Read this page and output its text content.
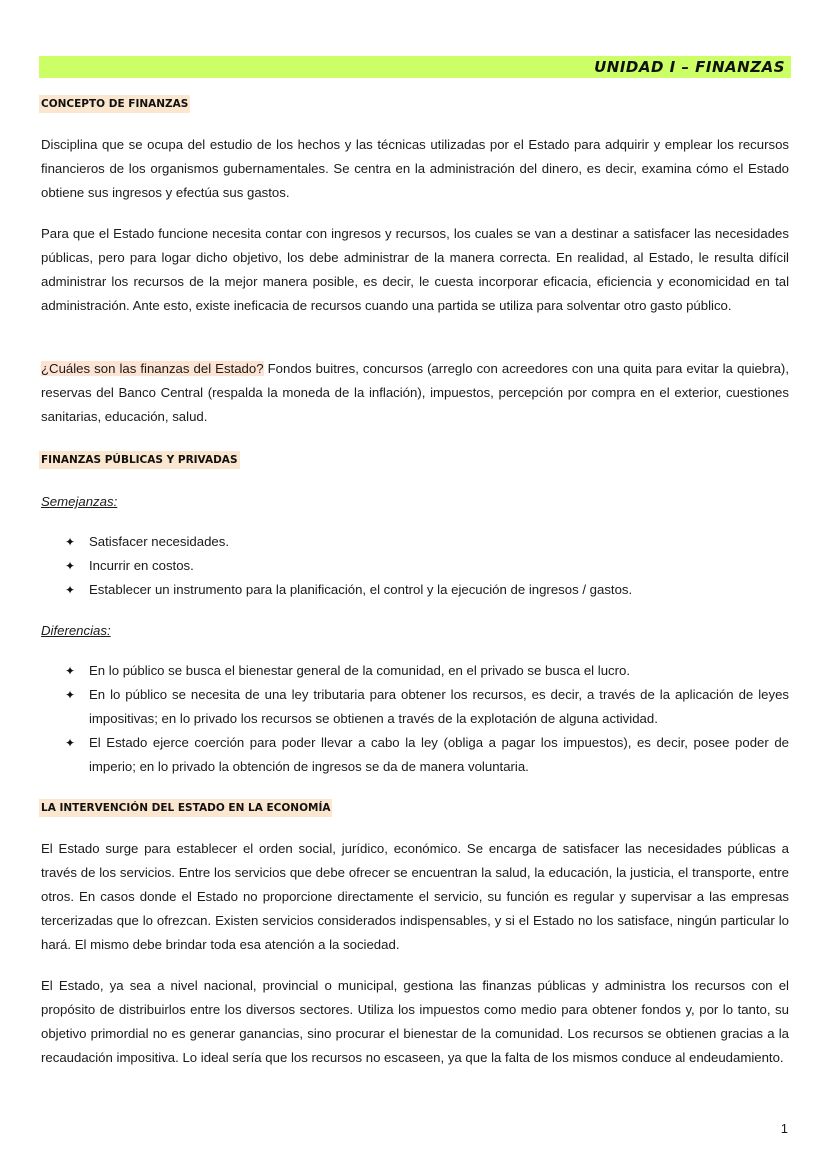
UNIDAD I – FINANZAS
CONCEPTO DE FINANZAS

Disciplina que se ocupa del estudio de los hechos y las técnicas utilizadas por el Estado para adquirir y emplear los recursos financieros de los organismos gubernamentales. Se centra en la administración del dinero, es decir, examina cómo el Estado obtiene sus ingresos y efectúa sus gastos.

Para que el Estado funcione necesita contar con ingresos y recursos, los cuales se van a destinar a satisfacer las necesidades públicas, pero para logar dicho objetivo, los debe administrar de la manera correcta. En realidad, al Estado, le resulta difícil administrar los recursos de la mejor manera posible, es decir, le cuesta incorporar eficacia, eficiencia y economicidad en tal administración. Ante esto, existe ineficacia de recursos cuando una partida se utiliza para solventar otro gasto público.

¿Cuáles son las finanzas del Estado? Fondos buitres, concursos (arreglo con acreedores con una quita para evitar la quiebra), reservas del Banco Central (respalda la moneda de la inflación), impuestos, percepción por compra en el exterior, cuestiones sanitarias, educación, salud.

FINANZAS PÚBLICAS Y PRIVADAS

Semejanzas:

✦ Satisfacer necesidades.
✦ Incurrir en costos.
✦ Establecer un instrumento para la planificación, el control y la ejecución de ingresos / gastos.

Diferencias:

✦ En lo público se busca el bienestar general de la comunidad, en el privado se busca el lucro.
✦ En lo público se necesita de una ley tributaria para obtener los recursos, es decir, a través de la aplicación de leyes impositivas; en lo privado los recursos se obtienen a través de la explotación de alguna actividad.
✦ El Estado ejerce coerción para poder llevar a cabo la ley (obliga a pagar los impuestos), es decir, posee poder de imperio; en lo privado la obtención de ingresos se da de manera voluntaria.
LA INTERVENCIÓN DEL ESTADO EN LA ECONOMÍA

El Estado surge para establecer el orden social, jurídico, económico. Se encarga de satisfacer las necesidades públicas a través de los servicios. Entre los servicios que debe ofrecer se encuentran la salud, la educación, la justicia, el transporte, entre otros. En casos donde el Estado no proporcione directamente el servicio, su función es regular y supervisar a las empresas tercerizadas que lo ofrezcan. Existen servicios considerados indispensables, y si el Estado no los satisface, ningún particular lo hará. El mismo debe brindar toda esa atención a la sociedad.

El Estado, ya sea a nivel nacional, provincial o municipal, gestiona las finanzas públicas y administra los recursos con el propósito de distribuirlos entre los diversos sectores. Utiliza los impuestos como medio para obtener fondos y, por lo tanto, su objetivo primordial no es generar ganancias, sino procurar el bienestar de la comunidad. Los recursos se obtienen gracias a la recaudación impositiva. Lo ideal sería que los recursos no escaseen, ya que la falta de los mismos conduce al endeudamiento.

1
